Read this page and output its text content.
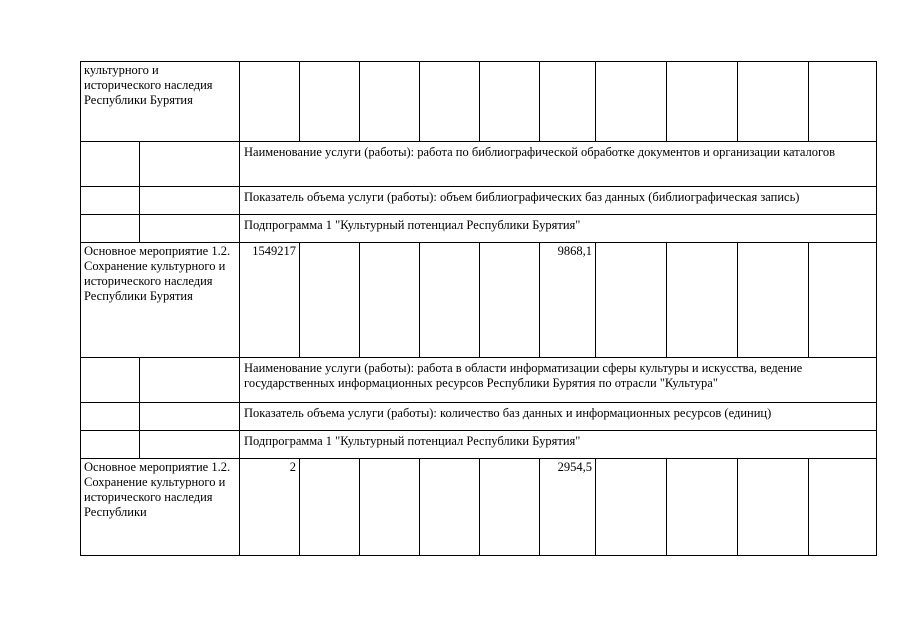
культурного и исторического наследия Республики Бурятия											
		Наименование услуги (работы): работа по библиографической обработке документов и организации каталогов									
		Показатель объема услуги (работы): объем библиографических баз данных (библиографическая запись)									
		Подпрограмма 1 "Культурный потенциал Республики Бурятия"									
Основное мероприятие 1.2. Сохранение культурного и исторического наследия Республики Бурятия		1549217					9868,1				
		Наименование услуги (работы): работа в области информатизации сферы культуры и искусства, ведение государственных информационных ресурсов Республики Бурятия по отрасли "Культура"									
		Показатель объема услуги (работы): количество баз данных и информационных ресурсов (единиц)									
		Подпрограмма 1 "Культурный потенциал Республики Бурятия"									
Основное мероприятие 1.2. Сохранение культурного и исторического наследия Республики		2					2954,5				
